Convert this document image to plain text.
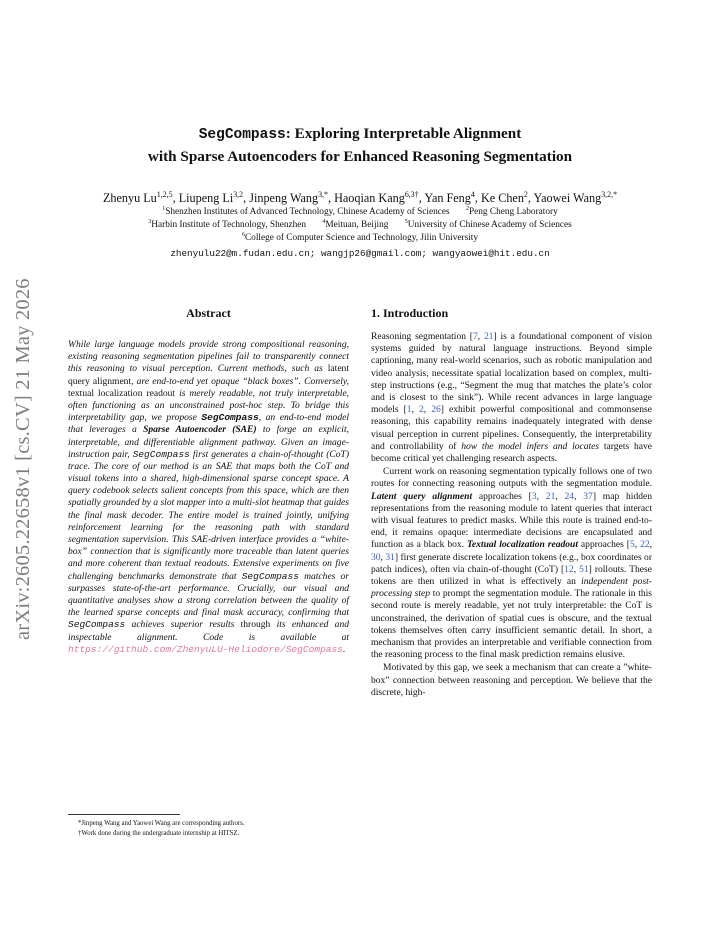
arXiv:2605.22658v1 [cs.CV] 21 May 2026
SegCompass: Exploring Interpretable Alignment
with Sparse Autoencoders for Enhanced Reasoning Segmentation
Zhenyu Lu$^{1,2,5}$, Liupeng Li$^{3,2}$, Jinpeng Wang$^{3,*}$, Haoqian Kang$^{6,3\dagger}$, Yan Feng$^4$, Ke Chen$^2$, Yaowei Wang$^{3,2,*}$
$^1$Shenzhen Institutes of Advanced Technology, Chinese Academy of Sciences	$^2$Peng Cheng Laboratory
$^3$Harbin Institute of Technology, Shenzhen	$^4$Meituan, Beijing	$^5$University of Chinese Academy of Sciences
$^6$College of Computer Science and Technology, Jilin University
zhenyulu22@m.fudan.edu.cn; wangjp26@gmail.com; wangyaowei@hit.edu.cn
Abstract
While large language models provide strong compositional reasoning, existing reasoning segmentation pipelines fail to transparently connect this reasoning to visual perception. Current methods, such as latent query alignment, are end-to-end yet opaque “black boxes”. Conversely, textual localization readout is merely readable, not truly interpretable, often functioning as an unconstrained post-hoc step. To bridge this interpretability gap, we propose SegCompass, an end-to-end model that leverages a Sparse Autoencoder (SAE) to forge an explicit, interpretable, and differentiable alignment pathway. Given an image-instruction pair, SegCompass first generates a chain-of-thought (CoT) trace. The core of our method is an SAE that maps both the CoT and visual tokens into a shared, high-dimensional sparse concept space. A query codebook selects salient concepts from this space, which are then spatially grounded by a slot mapper into a multi-slot heatmap that guides the final mask decoder. The entire model is trained jointly, unifying reinforcement learning for the reasoning path with standard segmentation supervision. This SAE-driven interface provides a “white-box” connection that is significantly more traceable than latent queries and more coherent than textual readouts. Extensive experiments on five challenging benchmarks demonstrate that SegCompass matches or surpasses state-of-the-art performance. Crucially, our visual and quantitative analyses show a strong correlation between the quality of the learned sparse concepts and final mask accuracy, confirming that SegCompass achieves superior results through its enhanced and inspectable alignment. Code is available at https://github.com/ZhenyuLU-Heliodore/SegCompass.
*Jinpeng Wang and Yaowei Wang are corresponding authors.
†Work done during the undergraduate internship at HITSZ.
1. Introduction

Reasoning segmentation [7, 21] is a foundational component of vision systems guided by natural language instructions. Beyond simple captioning, many real-world scenarios, such as robotic manipulation and video analysis, necessitate spatial localization based on complex, multi-step instructions (e.g., “Segment the mug that matches the plate’s color and is closest to the sink”). While recent advances in large language models [1, 2, 26] exhibit powerful compositional and commonsense reasoning, this capability remains inadequately integrated with dense visual perception in current pipelines. Consequently, the interpretability and controllability of how the model infers and locates targets have become critical yet challenging research aspects.

Current work on reasoning segmentation typically follows one of two routes for connecting reasoning outputs with the segmentation module. Latent query alignment approaches [3, 21, 24, 37] map hidden representations from the reasoning module to latent queries that interact with visual features to predict masks. While this route is trained end-to-end, it remains opaque: intermediate decisions are encapsulated and function as a black box. Textual localization readout approaches [5, 22, 30, 31] first generate discrete localization tokens (e.g., box coordinates or patch indices), often via chain-of-thought (CoT) [12, 51] rollouts. These tokens are then utilized in what is effectively an independent post-processing step to prompt the segmentation module. The rationale in this second route is merely readable, yet not truly interpretable: the CoT is unconstrained, the derivation of spatial cues is obscure, and the textual tokens themselves often carry insufficient semantic detail. In short, a mechanism that provides an interpretable and verifiable connection from the reasoning process to the final mask prediction remains elusive.

Motivated by this gap, we seek a mechanism that can create a ”white-box” connection between reasoning and perception. We believe that the discrete, high-
